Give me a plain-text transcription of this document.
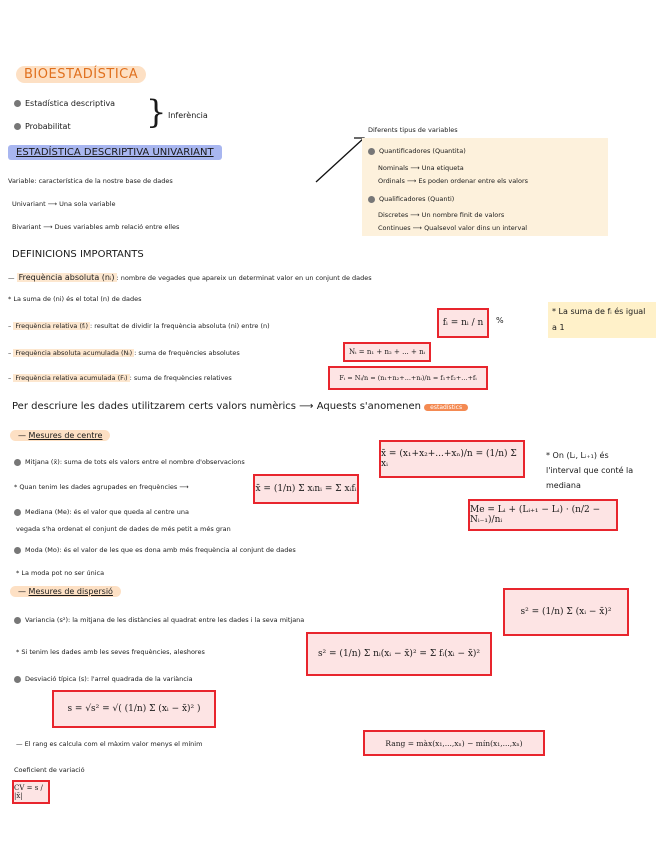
BIOESTADÍSTICA
Estadística descriptiva
Probabilitat } Inferència
ESTADÍSTICA DESCRIPTIVA UNIVARIANT
Variable: característica de la nostre base de dades
Univariant ⟶ Una sola variable
Bivariant ⟶ Dues variables amb relació entre elles
Diferents tipus de variables
Quantificadores (Quantita)
Nominals ⟶ Una etiqueta
Ordinals ⟶ Es poden ordenar entre els valors
Qualificadores (Quanti)
Discretes ⟶ Un nombre finit de valors
Continues ⟶ Qualsevol valor dins un interval
DEFINICIONS IMPORTANTS
— Frequència absoluta (nᵢ) : nombre de vegades que apareix un determinat valor en un conjunt de dades
* La suma de (ni) és el total (n) de dades
– Frequència relativa (fᵢ) : resultat de dividir la frequència absoluta (ni) entre (n)	fᵢ = nᵢ / n	%
* La suma de fᵢ és igual a 1
– Frequència absoluta acumulada (Nᵢ) : suma de frequències absolutes	Nᵢ = n₁ + n₂ + ... + nᵢ
– Frequència relativa acumulada (Fᵢ) : suma de frequències relatives	Fᵢ = Nᵢ/n = (n₁+n₂+...+nᵢ)/n = f₁+f₂+...+fᵢ
Per descriure les dades utilitzarem certs valors numèrics ⟶ Aquests s'anomenen estadístics
— Mesures de centre
Mitjana (x̄): suma de tots els valors entre el nombre d'observacions
x̄ = (x₁+x₂+...+xₙ)/n = (1/n) Σ xᵢ
* On (Lᵢ, Lᵢ₊₁) és l'interval que conté la mediana
* Quan tenim les dades agrupades en frequències ⟶	x̄ = (1/n) Σ xᵢnᵢ = Σ xᵢfᵢ
Mediana (Me): és el valor que queda al centre una
vegada s'ha ordenat el conjunt de dades de més petit a més gran
Me = Lᵢ + (Lᵢ₊₁ − Lᵢ) · (n/2 − Nᵢ₋₁)/nᵢ
Moda (Mo): és el valor de les que es dona amb més frequència al conjunt de dades
* La moda pot no ser única
— Mesures de dispersió
Variancia (s²): la mitjana de les distàncies al quadrat entre les dades i la seva mitjana
s² = (1/n) Σ (xᵢ − x̄)²
* Si tenim les dades amb les seves frequències, aleshores	s² = (1/n) Σ nᵢ(xᵢ − x̄)² = Σ fᵢ(xᵢ − x̄)²
Desviació típica (s): l'arrel quadrada de la variància
s = √s² = √( (1/n) Σ (xᵢ − x̄)² )
— El rang es calcula com el màxim valor menys el mínim	Rang = màx(x₁,...,xₙ) − mín(x₁,...,xₙ)
Coeficient de variació
CV = s / |x̄|
